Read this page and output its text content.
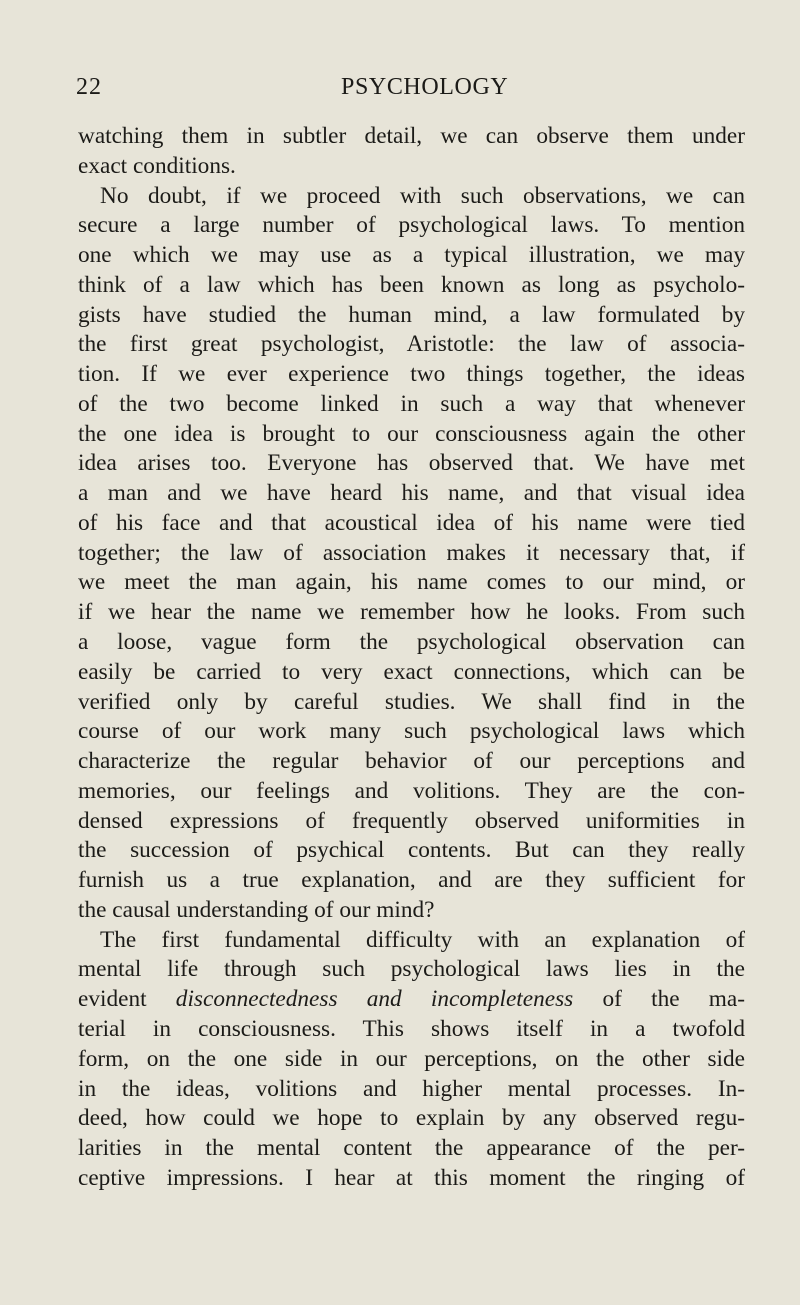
22	PSYCHOLOGY
watching them in subtler detail, we can observe them under
exact conditions.
No doubt, if we proceed with such observations, we can
secure a large number of psychological laws. To mention
one which we may use as a typical illustration, we may
think of a law which has been known as long as psycholo-
gists have studied the human mind, a law formulated by
the first great psychologist, Aristotle: the law of associa-
tion. If we ever experience two things together, the ideas
of the two become linked in such a way that whenever
the one idea is brought to our consciousness again the other
idea arises too. Everyone has observed that. We have met
a man and we have heard his name, and that visual idea
of his face and that acoustical idea of his name were tied
together; the law of association makes it necessary that, if
we meet the man again, his name comes to our mind, or
if we hear the name we remember how he looks. From such
a loose, vague form the psychological observation can
easily be carried to very exact connections, which can be
verified only by careful studies. We shall find in the
course of our work many such psychological laws which
characterize the regular behavior of our perceptions and
memories, our feelings and volitions. They are the con-
densed expressions of frequently observed uniformities in
the succession of psychical contents. But can they really
furnish us a true explanation, and are they sufficient for
the causal understanding of our mind?
The first fundamental difficulty with an explanation of
mental life through such psychological laws lies in the
evident disconnectedness and incompleteness of the ma-
terial in consciousness. This shows itself in a twofold
form, on the one side in our perceptions, on the other side
in the ideas, volitions and higher mental processes. In-
deed, how could we hope to explain by any observed regu-
larities in the mental content the appearance of the per-
ceptive impressions. I hear at this moment the ringing of
